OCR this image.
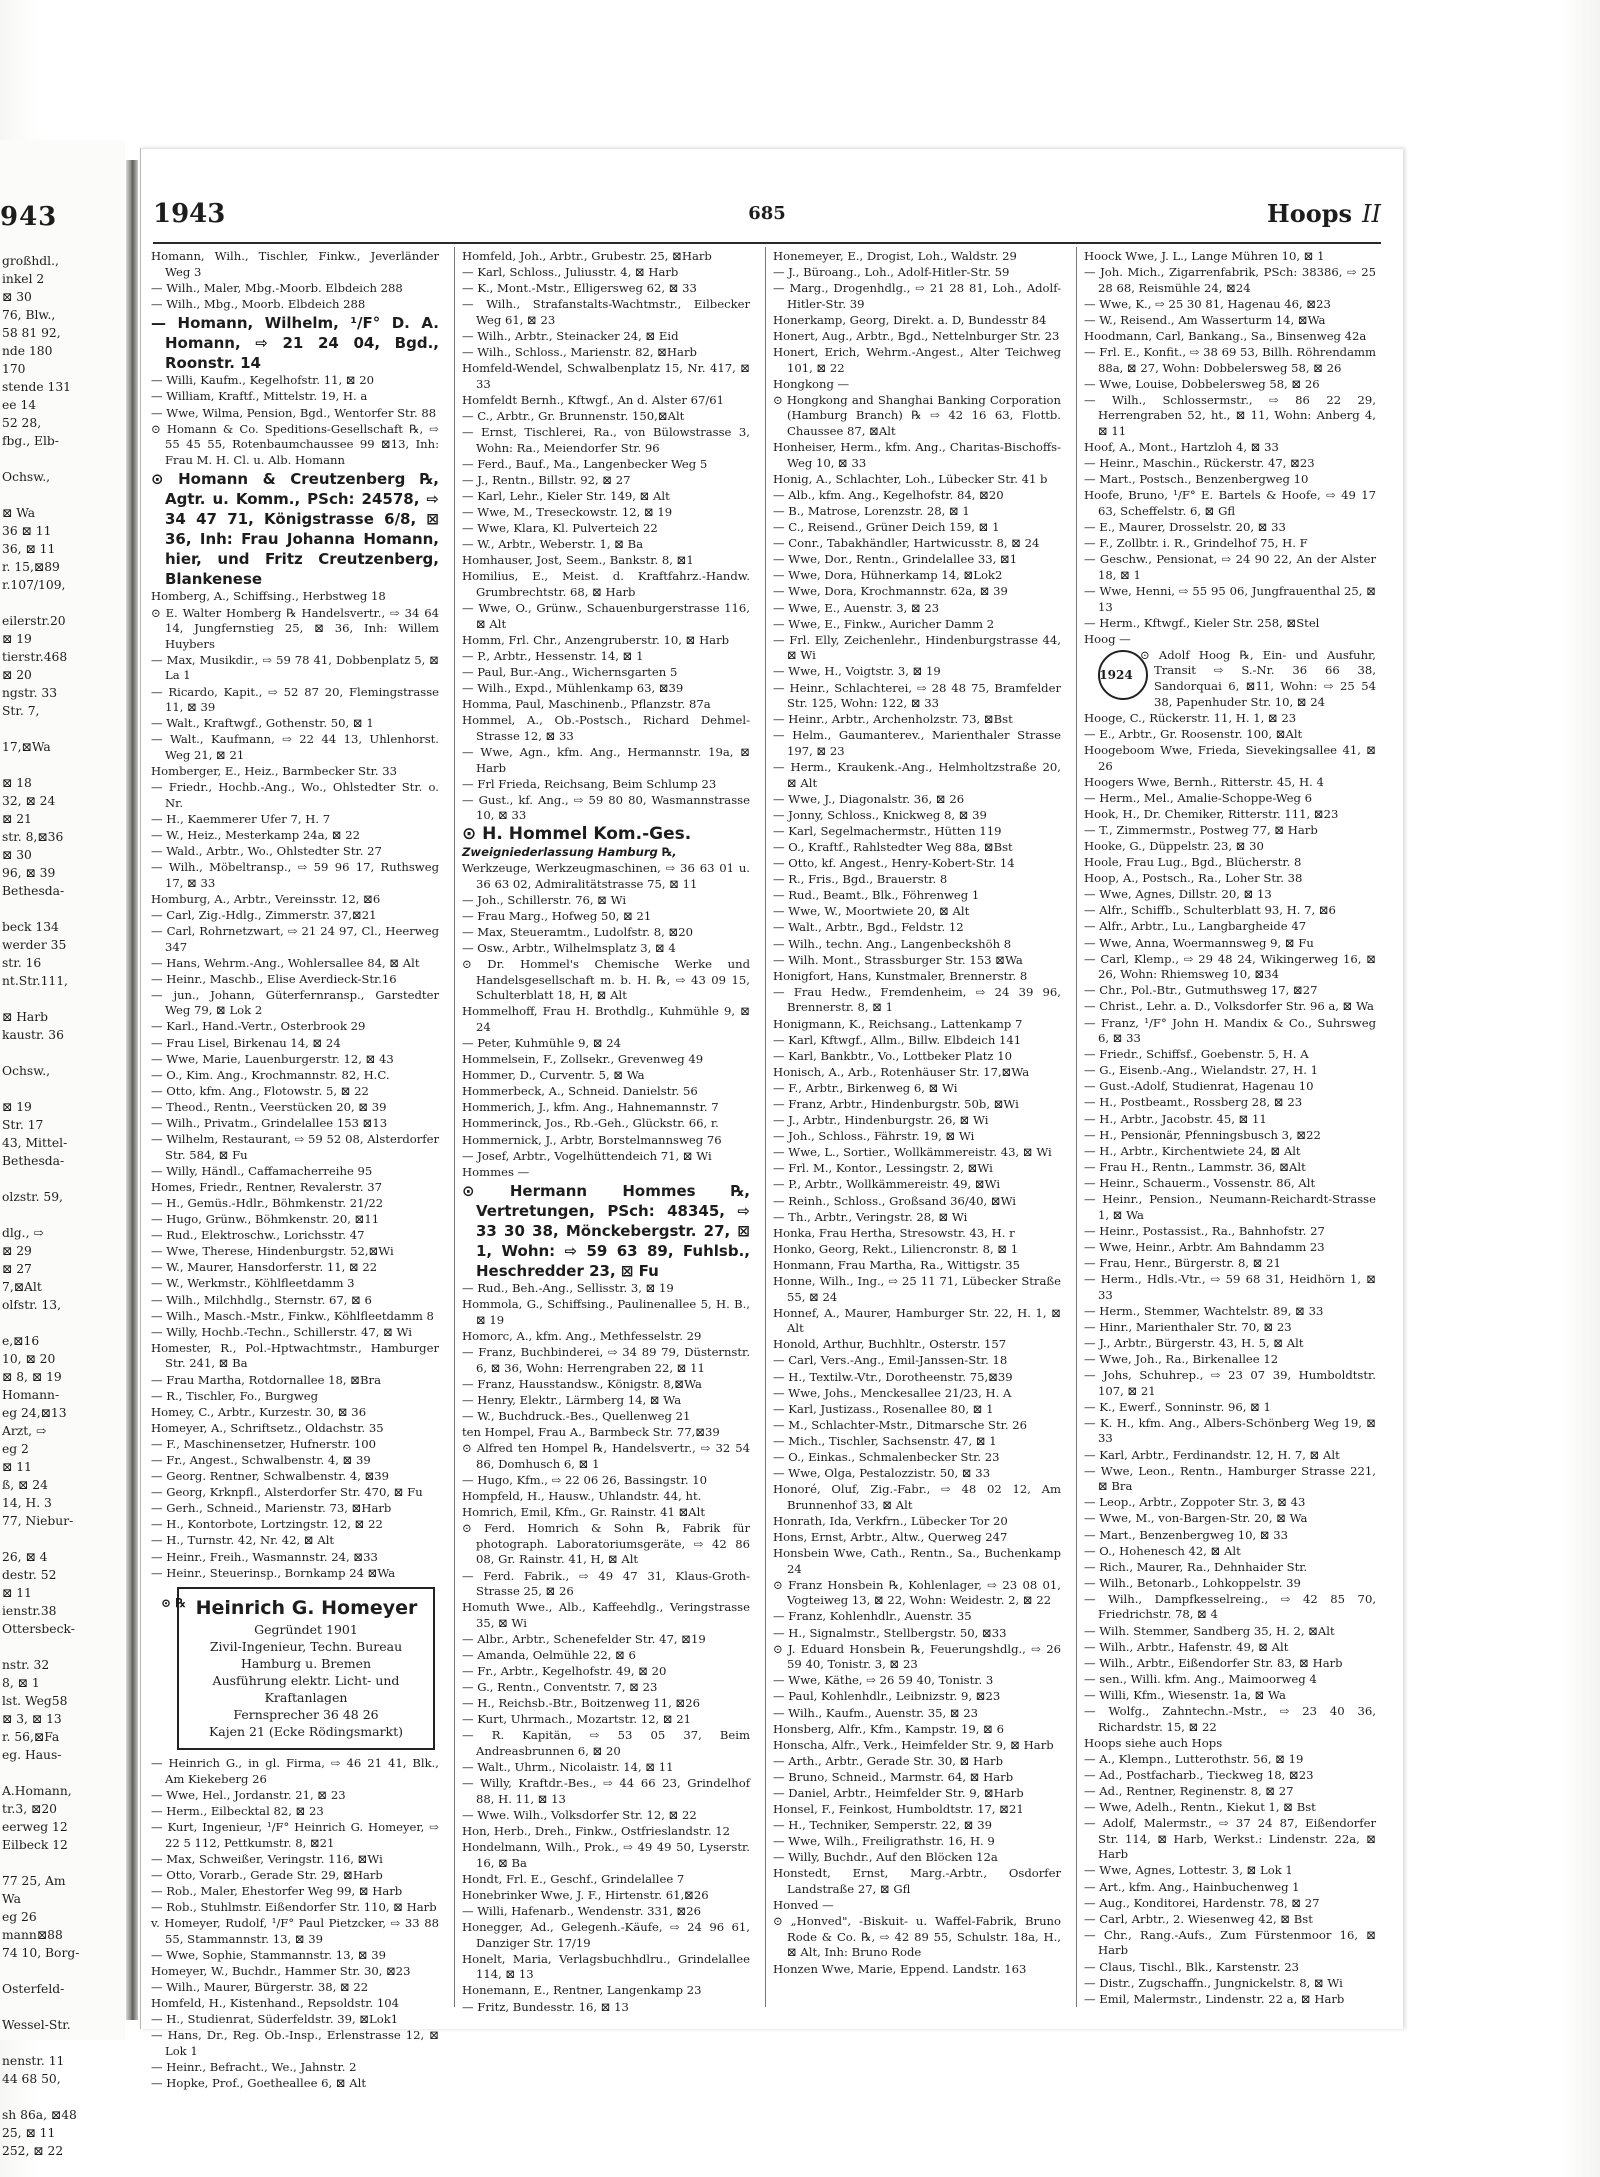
943
großhdl.,
inkel 2
⊠ 30
76, Blw.,
58 81 92,
nde 180
170
stende 131
ee 14
52 28,
fbg., Elb-

Ochsw.,

⊠ Wa
36 ⊠ 11
36, ⊠ 11
r. 15,⊠89
r.107/109,

eilerstr.20
⊠ 19
tierstr.468
⊠ 20
ngstr. 33
Str. 7,

17,⊠Wa

⊠ 18
32, ⊠ 24
⊠ 21
str. 8,⊠36
⊠ 30
96, ⊠ 39
Bethesda-

beck 134
werder 35
str. 16
nt.Str.111,

⊠ Harb
kaustr. 36

Ochsw.,

⊠ 19
Str. 17
43, Mittel-
Bethesda-

olzstr. 59,

dlg., ⇨
⊠ 29
⊠ 27
7,⊠Alt
olfstr. 13,

e,⊠16
10, ⊠ 20
⊠ 8, ⊠ 19
Homann-
eg 24,⊠13
Arzt, ⇨
eg 2
⊠ 11
ß, ⊠ 24
14, H. 3
77, Niebur-

26, ⊠ 4
destr. 52
⊠ 11
ienstr.38
Ottersbeck-

nstr. 32
8, ⊠ 1
lst. Weg58
⊠ 3, ⊠ 13
r. 56,⊠Fa
eg. Haus-

A.Homann,
tr.3, ⊠20
eerweg 12
Eilbeck 12

77 25, Am
Wa
eg 26
mann⊠88
74 10, Borg-

Osterfeld-

Wessel-Str.

nenstr. 11
44 68 50,

sh 86a, ⊠48
25, ⊠ 11
252, ⊠ 22
1943	685	Hoops II
Homann, Wilh., Tischler, Finkw., Jeverländer Weg 3
— Wilh., Maler, Mbg.-Moorb. Elbdeich 288
— Wilh., Mbg., Moorb. Elbdeich 288
— Homann, Wilhelm, ¹/F° D. A. Homann, ⇨ 21 24 04, Bgd., Roonstr. 14
— Willi, Kaufm., Kegelhofstr. 11, ⊠ 20
— William, Kraftf., Mittelstr. 19, H. a
— Wwe, Wilma, Pension, Bgd., Wentorfer Str. 88
⊙ Homann & Co. Speditions-Gesellschaft ℞, ⇨ 55 45 55, Rotenbaumchaussee 99 ⊠13, Inh: Frau M. H. Cl. u. Alb. Homann
⊙ Homann & Creutzenberg ℞, Agtr. u. Komm., PSch: 24578, ⇨ 34 47 71, Königstrasse 6/8, ⊠ 36, Inh: Frau Johanna Homann, hier, und Fritz Creutzenberg, Blankenese
Homberg, A., Schiffsing., Herbstweg 18
⊙ E. Walter Homberg ℞ Handelsvertr., ⇨ 34 64 14, Jungfernstieg 25, ⊠ 36, Inh: Willem Huybers
— Max, Musikdir., ⇨ 59 78 41, Dobbenplatz 5, ⊠ La 1
— Ricardo, Kapit., ⇨ 52 87 20, Flemingstrasse 11, ⊠ 39
— Walt., Kraftwgf., Gothenstr. 50, ⊠ 1
— Walt., Kaufmann, ⇨ 22 44 13, Uhlenhorst. Weg 21, ⊠ 21
Homberger, E., Heiz., Barmbecker Str. 33
— Friedr., Hochb.-Ang., Wo., Ohlstedter Str. o. Nr.
— H., Kaemmerer Ufer 7, H. 7
— W., Heiz., Mesterkamp 24a, ⊠ 22
— Wald., Arbtr., Wo., Ohlstedter Str. 27
— Wilh., Möbeltransp., ⇨ 59 96 17, Ruthsweg 17, ⊠ 33
Homburg, A., Arbtr., Vereinsstr. 12, ⊠6
— Carl, Zig.-Hdlg., Zimmerstr. 37,⊠21
— Carl, Rohrnetzwart, ⇨ 21 24 97, Cl., Heerweg 347
— Hans, Wehrm.-Ang., Wohlersallee 84, ⊠ Alt
— Heinr., Maschb., Elise Averdieck-Str.16
— jun., Johann, Güterfernransp., Garstedter Weg 79, ⊠ Lok 2
— Karl., Hand.-Vertr., Osterbrook 29
— Frau Lisel, Birkenau 14, ⊠ 24
— Wwe, Marie, Lauenburgerstr. 12, ⊠ 43
— O., Kim. Ang., Krochmannstr. 82, H.C.
— Otto, kfm. Ang., Flotowstr. 5, ⊠ 22
— Theod., Rentn., Veerstücken 20, ⊠ 39
— Wilh., Privatm., Grindelallee 153 ⊠13
— Wilhelm, Restaurant, ⇨ 59 52 08, Alsterdorfer Str. 584, ⊠ Fu
— Willy, Händl., Caffamacherreihe 95
Homes, Friedr., Rentner, Revalerstr. 37
— H., Gemüs.-Hdlr., Böhmkenstr. 21/22
— Hugo, Grünw., Böhmkenstr. 20, ⊠11
— Rud., Elektroschw., Lorichsstr. 47
— Wwe, Therese, Hindenburgstr. 52,⊠Wi
— W., Maurer, Hansdorferstr. 11, ⊠ 22
— W., Werkmstr., Köhlfleetdamm 3
— Wilh., Milchhdlg., Sternstr. 67, ⊠ 6
— Wilh., Masch.-Mstr., Finkw., Köhlfleetdamm 8
— Willy, Hochb.-Techn., Schillerstr. 47, ⊠ Wi
Homester, R., Pol.-Hptwachtmstr., Hamburger Str. 241, ⊠ Ba
— Frau Martha, Rotdornallee 18, ⊠Bra
— R., Tischler, Fo., Burgweg
Homey, C., Arbtr., Kurzestr. 30, ⊠ 36
Homeyer, A., Schriftsetz., Oldachstr. 35
— F., Maschinensetzer, Hufnerstr. 100
— Fr., Angest., Schwalbenstr. 4, ⊠ 39
— Georg. Rentner, Schwalbenstr. 4, ⊠39
— Georg, Krknpfl., Alsterdorfer Str. 470, ⊠ Fu
— Gerh., Schneid., Marienstr. 73, ⊠Harb
— H., Kontorbote, Lortzingstr. 12, ⊠ 22
— H., Turnstr. 42, Nr. 42, ⊠ Alt
— Heinr., Freih., Wasmannstr. 24, ⊠33
— Heinr., Steuerinsp., Bornkamp 24 ⊠Wa
⊙ ℞ Heinrich G. Homeyer
Gegründet 1901
Zivil-Ingenieur, Techn. Bureau
Hamburg u. Bremen
Ausführung elektr. Licht- und Kraftanlagen
Fernsprecher 36 48 26
Kajen 21 (Ecke Rödingsmarkt)
— Heinrich G., in gl. Firma, ⇨ 46 21 41, Blk., Am Kiekeberg 26
— Wwe, Hel., Jordanstr. 21, ⊠ 23
— Herm., Eilbecktal 82, ⊠ 23
— Kurt, Ingenieur, ¹/F° Heinrich G. Homeyer, ⇨ 22 5 112, Pettkumstr. 8, ⊠21
— Max, Schweißer, Veringstr. 116, ⊠Wi
— Otto, Vorarb., Gerade Str. 29, ⊠Harb
— Rob., Maler, Ehestorfer Weg 99, ⊠ Harb
— Rob., Stuhlmstr. Eißendorfer Str. 110, ⊠ Harb
v. Homeyer, Rudolf, ¹/F° Paul Pietzcker, ⇨ 33 88 55, Stammannstr. 13, ⊠ 39
— Wwe, Sophie, Stammannstr. 13, ⊠ 39
Homeyer, W., Buchdr., Hammer Str. 30, ⊠23
— Wilh., Maurer, Bürgerstr. 38, ⊠ 22
Homfeld, H., Kistenhand., Repsoldstr. 104
— H., Studienrat, Süderfeldstr. 39, ⊠Lok1
— Hans, Dr., Reg. Ob.-Insp., Erlenstrasse 12, ⊠ Lok 1
— Heinr., Befracht., We., Jahnstr. 2
— Hopke, Prof., Goetheallee 6, ⊠ Alt
Homfeld, Joh., Arbtr., Grubestr. 25, ⊠Harb
— Karl, Schloss., Juliusstr. 4, ⊠ Harb
— K., Mont.-Mstr., Elligersweg 62, ⊠ 33
— Wilh., Strafanstalts-Wachtmstr., Eilbecker Weg 61, ⊠ 23
— Wilh., Arbtr., Steinacker 24, ⊠ Eid
— Wilh., Schloss., Marienstr. 82, ⊠Harb
Homfeld-Wendel, Schwalbenplatz 15, Nr. 417, ⊠ 33
Homfeldt Bernh., Kftwgf., An d. Alster 67/61
— C., Arbtr., Gr. Brunnenstr. 150,⊠Alt
— Ernst, Tischlerei, Ra., von Bülowstrasse 3, Wohn: Ra., Meiendorfer Str. 96
— Ferd., Bauf., Ma., Langenbecker Weg 5
— J., Rentn., Billstr. 92, ⊠ 27
— Karl, Lehr., Kieler Str. 149, ⊠ Alt
— Wwe, M., Treseckowstr. 12, ⊠ 19
— Wwe, Klara, Kl. Pulverteich 22
— W., Arbtr., Weberstr. 1, ⊠ Ba
Homhauser, Jost, Seem., Bankstr. 8, ⊠1
Homilius, E., Meist. d. Kraftfahrz.-Handw. Grumbrechtstr. 68, ⊠ Harb
— Wwe, O., Grünw., Schauenburgerstrasse 116, ⊠ Alt
Homm, Frl. Chr., Anzengruberstr. 10, ⊠ Harb
— P., Arbtr., Hessenstr. 14, ⊠ 1
— Paul, Bur.-Ang., Wichernsgarten 5
— Wilh., Expd., Mühlenkamp 63, ⊠39
Homma, Paul, Maschinenb., Pflanzstr. 87a
Hommel, A., Ob.-Postsch., Richard Dehmel-Strasse 12, ⊠ 33
— Wwe, Agn., kfm. Ang., Hermannstr. 19a, ⊠ Harb
— Frl Frieda, Reichsang, Beim Schlump 23
— Gust., kf. Ang., ⇨ 59 80 80, Wasmannstrasse 10, ⊠ 33
⊙ H. Hommel Kom.-Ges.
Zweigniederlassung Hamburg ℞,
Werkzeuge, Werkzeugmaschinen, ⇨ 36 63 01 u. 36 63 02, Admiralitätstrasse 75, ⊠ 11
— Joh., Schillerstr. 76, ⊠ Wi
— Frau Marg., Hofweg 50, ⊠ 21
— Max, Steueramtm., Ludolfstr. 8, ⊠20
— Osw., Arbtr., Wilhelmsplatz 3, ⊠ 4
⊙ Dr. Hommel's Chemische Werke und Handelsgesellschaft m. b. H. ℞, ⇨ 43 09 15, Schulterblatt 18, H, ⊠ Alt
Hommelhoff, Frau H. Brothdlg., Kuhmühle 9, ⊠ 24
— Peter, Kuhmühle 9, ⊠ 24
Hommelsein, F., Zollsekr., Grevenweg 49
Hommer, D., Curventr. 5, ⊠ Wa
Hommerbeck, A., Schneid. Danielstr. 56
Hommerich, J., kfm. Ang., Hahnemannstr. 7
Hommerinck, Jos., Rb.-Geh., Glückstr. 66, r.
Hommernick, J., Arbtr, Borstelmannsweg 76
— Josef, Arbtr., Vogelhüttendeich 71, ⊠ Wi
Hommes —
⊙ Hermann Hommes ℞, Vertretungen, PSch: 48345, ⇨ 33 30 38, Mönckebergstr. 27, ⊠ 1, Wohn: ⇨ 59 63 89, Fuhlsb., Heschredder 23, ⊠ Fu
— Rud., Beh.-Ang., Sellisstr. 3, ⊠ 19
Hommola, G., Schiffsing., Paulinenallee 5, H. B., ⊠ 19
Homorc, A., kfm. Ang., Methfesselstr. 29
— Franz, Buchbinderei, ⇨ 34 89 79, Düsternstr. 6, ⊠ 36, Wohn: Herrengraben 22, ⊠ 11
— Franz, Hausstandsw., Königstr. 8,⊠Wa
— Henry, Elektr., Lärmberg 14, ⊠ Wa
— W., Buchdruck.-Bes., Quellenweg 21
ten Hompel, Frau A., Barmbeck Str. 77,⊠39
⊙ Alfred ten Hompel ℞, Handelsvertr., ⇨ 32 54 86, Domhusch 6, ⊠ 1
— Hugo, Kfm., ⇨ 22 06 26, Bassingstr. 10
Hompfeld, H., Hausw., Uhlandstr. 44, ht.
Homrich, Emil, Kfm., Gr. Rainstr. 41 ⊠Alt
⊙ Ferd. Homrich & Sohn ℞, Fabrik für photograph. Laboratoriumsgeräte, ⇨ 42 86 08, Gr. Rainstr. 41, H, ⊠ Alt
— Ferd. Fabrik., ⇨ 49 47 31, Klaus-Groth-Strasse 25, ⊠ 26
Homuth Wwe., Alb., Kaffeehdlg., Veringstrasse 35, ⊠ Wi
— Albr., Arbtr., Schenefelder Str. 47, ⊠19
— Amanda, Oelmühle 22, ⊠ 6
— Fr., Arbtr., Kegelhofstr. 49, ⊠ 20
— G., Rentn., Conventstr. 7, ⊠ 23
— H., Reichsb.-Btr., Boitzenweg 11, ⊠26
— Kurt, Uhrmach., Mozartstr. 12, ⊠ 21
— R. Kapitän, ⇨ 53 05 37, Beim Andreasbrunnen 6, ⊠ 20
— Walt., Uhrm., Nicolaistr. 14, ⊠ 11
— Willy, Kraftdr.-Bes., ⇨ 44 66 23, Grindelhof 88, H. 11, ⊠ 13
— Wwe. Wilh., Volksdorfer Str. 12, ⊠ 22
Hon, Herb., Dreh., Finkw., Ostfrieslandstr. 12
Hondelmann, Wilh., Prok., ⇨ 49 49 50, Lyserstr. 16, ⊠ Ba
Hondt, Frl. E., Geschf., Grindelallee 7
Honebrinker Wwe, J. F., Hirtenstr. 61,⊠26
— Willi, Hafenarb., Wendenstr. 331, ⊠26
Honegger, Ad., Gelegenh.-Käufe, ⇨ 24 96 61, Danziger Str. 17/19
Honelt, Maria, Verlagsbuchhdlru., Grindelallee 114, ⊠ 13
Honemann, E., Rentner, Langenkamp 23
— Fritz, Bundesstr. 16, ⊠ 13
Honemeyer, E., Drogist, Loh., Waldstr. 29
— J., Büroang., Loh., Adolf-Hitler-Str. 59
— Marg., Drogenhdlg., ⇨ 21 28 81, Loh., Adolf-Hitler-Str. 39
Honerkamp, Georg, Direkt. a. D, Bundesstr 84
Honert, Aug., Arbtr., Bgd., Nettelnburger Str. 23
Honert, Erich, Wehrm.-Angest., Alter Teichweg 101, ⊠ 22
Hongkong —
⊙ Hongkong and Shanghai Banking Corporation (Hamburg Branch) ℞ ⇨ 42 16 63, Flottb. Chaussee 87, ⊠Alt
Honheiser, Herm., kfm. Ang., Charitas-Bischoffs-Weg 10, ⊠ 33
Honig, A., Schlachter, Loh., Lübecker Str. 41 b
— Alb., kfm. Ang., Kegelhofstr. 84, ⊠20
— B., Matrose, Lorenzstr. 28, ⊠ 1
— C., Reisend., Grüner Deich 159, ⊠ 1
— Conr., Tabakhändler, Hartwicusstr. 8, ⊠ 24
— Wwe, Dor., Rentn., Grindelallee 33, ⊠1
— Wwe, Dora, Hühnerkamp 14, ⊠Lok2
— Wwe, Dora, Krochmannstr. 62a, ⊠ 39
— Wwe, E., Auenstr. 3, ⊠ 23
— Wwe, E., Finkw., Auricher Damm 2
— Frl. Elly, Zeichenlehr., Hindenburgstrasse 44, ⊠ Wi
— Wwe, H., Voigtstr. 3, ⊠ 19
— Heinr., Schlachterei, ⇨ 28 48 75, Bramfelder Str. 125, Wohn: 122, ⊠ 33
— Heinr., Arbtr., Archenholzstr. 73, ⊠Bst
— Helm., Gaumanterev., Marienthaler Strasse 197, ⊠ 23
— Herm., Kraukenk.-Ang., Helmholtzstraße 20, ⊠ Alt
— Wwe, J., Diagonalstr. 36, ⊠ 26
— Jonny, Schloss., Knickweg 8, ⊠ 39
— Karl, Segelmachermstr., Hütten 119
— O., Kraftf., Rahlstedter Weg 88a, ⊠Bst
— Otto, kf. Angest., Henry-Kobert-Str. 14
— R., Fris., Bgd., Brauerstr. 8
— Rud., Beamt., Blk., Föhrenweg 1
— Wwe, W., Moortwiete 20, ⊠ Alt
— Walt., Arbtr., Bgd., Feldstr. 12
— Wilh., techn. Ang., Langenbeckshöh 8
— Wilh. Mont., Strassburger Str. 153 ⊠Wa
Honigfort, Hans, Kunstmaler, Brennerstr. 8
— Frau Hedw., Fremdenheim, ⇨ 24 39 96, Brennerstr. 8, ⊠ 1
Honigmann, K., Reichsang., Lattenkamp 7
— Karl, Kftwgf., Allm., Billw. Elbdeich 141
— Karl, Bankbtr., Vo., Lottbeker Platz 10
Honisch, A., Arb., Rotenhäuser Str. 17,⊠Wa
— F., Arbtr., Birkenweg 6, ⊠ Wi
— Franz, Arbtr., Hindenburgstr. 50b, ⊠Wi
— J., Arbtr., Hindenburgstr. 26, ⊠ Wi
— Joh., Schloss., Fährstr. 19, ⊠ Wi
— Wwe, L., Sortier., Wollkämmereistr. 43, ⊠ Wi
— Frl. M., Kontor., Lessingstr. 2, ⊠Wi
— P., Arbtr., Wollkämmereistr. 49, ⊠Wi
— Reinh., Schloss., Großsand 36/40, ⊠Wi
— Th., Arbtr., Veringstr. 28, ⊠ Wi
Honka, Frau Hertha, Stresowstr. 43, H. r
Honko, Georg, Rekt., Liliencronstr. 8, ⊠ 1
Honmann, Frau Martha, Ra., Wittigstr. 35
Honne, Wilh., Ing., ⇨ 25 11 71, Lübecker Straße 55, ⊠ 24
Honnef, A., Maurer, Hamburger Str. 22, H. 1, ⊠ Alt
Honold, Arthur, Buchhltr., Osterstr. 157
— Carl, Vers.-Ang., Emil-Janssen-Str. 18
— H., Textilw.-Vtr., Dorotheenstr. 75,⊠39
— Wwe, Johs., Menckesallee 21/23, H. A
— Karl, Justizass., Rosenallee 80, ⊠ 1
— M., Schlachter-Mstr., Ditmarsche Str. 26
— Mich., Tischler, Sachsenstr. 47, ⊠ 1
— O., Einkas., Schmalenbecker Str. 23
— Wwe, Olga, Pestalozzistr. 50, ⊠ 33
Honoré, Oluf, Zig.-Fabr., ⇨ 48 02 12, Am Brunnenhof 33, ⊠ Alt
Honrath, Ida, Verkfrn., Lübecker Tor 20
Hons, Ernst, Arbtr., Altw., Querweg 247
Honsbein Wwe, Cath., Rentn., Sa., Buchenkamp 24
⊙ Franz Honsbein ℞, Kohlenlager, ⇨ 23 08 01, Vogteiweg 13, ⊠ 22, Wohn: Weidestr. 2, ⊠ 22
— Franz, Kohlenhdlr., Auenstr. 35
— H., Signalmstr., Stellbergstr. 50, ⊠33
⊙ J. Eduard Honsbein ℞, Feuerungshdlg., ⇨ 26 59 40, Tonistr. 3, ⊠ 23
— Wwe, Käthe, ⇨ 26 59 40, Tonistr. 3
— Paul, Kohlenhdlr., Leibnizstr. 9, ⊠23
— Wilh., Kaufm., Auenstr. 35, ⊠ 23
Honsberg, Alfr., Kfm., Kampstr. 19, ⊠ 6
Honscha, Alfr., Verk., Heimfelder Str. 9, ⊠ Harb
— Arth., Arbtr., Gerade Str. 30, ⊠ Harb
— Bruno, Schneid., Marmstr. 64, ⊠ Harb
— Daniel, Arbtr., Heimfelder Str. 9, ⊠Harb
Honsel, F., Feinkost, Humboldtstr. 17, ⊠21
— H., Techniker, Semperstr. 22, ⊠ 39
— Wwe, Wilh., Freiligrathstr. 16, H. 9
— Willy, Buchdr., Auf den Blöcken 12a
Honstedt, Ernst, Marg.-Arbtr., Osdorfer Landstraße 27, ⊠ Gfl
Honved —
⊙ „Honved", -Biskuit- u. Waffel-Fabrik, Bruno Rode & Co. ℞, ⇨ 42 89 55, Schulstr. 18a, H., ⊠ Alt, Inh: Bruno Rode
Honzen Wwe, Marie, Eppend. Landstr. 163
Hoock Wwe, J. L., Lange Mühren 10, ⊠ 1
— Joh. Mich., Zigarrenfabrik, PSch: 38386, ⇨ 25 28 68, Reismühle 24, ⊠24
— Wwe, K., ⇨ 25 30 81, Hagenau 46, ⊠23
— W., Reisend., Am Wasserturm 14, ⊠Wa
Hoodmann, Carl, Bankang., Sa., Binsenweg 42a
— Frl. E., Konfit., ⇨ 38 69 53, Billh. Röhrendamm 88a, ⊠ 27, Wohn: Dobbelersweg 58, ⊠ 26
— Wwe, Louise, Dobbelersweg 58, ⊠ 26
— Wilh., Schlossermstr., ⇨ 86 22 29, Herrengraben 52, ht., ⊠ 11, Wohn: Anberg 4, ⊠ 11
Hoof, A., Mont., Hartzloh 4, ⊠ 33
— Heinr., Maschin., Rückerstr. 47, ⊠23
— Mart., Postsch., Benzenbergweg 10
Hoofe, Bruno, ¹/F° E. Bartels & Hoofe, ⇨ 49 17 63, Scheffelstr. 6, ⊠ Gfl
— E., Maurer, Drosselstr. 20, ⊠ 33
— F., Zollbtr. i. R., Grindelhof 75, H. F
— Geschw., Pensionat, ⇨ 24 90 22, An der Alster 18, ⊠ 1
— Wwe, Henni, ⇨ 55 95 06, Jungfrauenthal 25, ⊠ 13
— Herm., Kftwgf., Kieler Str. 258, ⊠Stel
Hoog —
1924
⊙ Adolf Hoog ℞, Ein- und Ausfuhr, Transit ⇨ S.-Nr. 36 66 38, Sandorquai 6, ⊠11, Wohn: ⇨ 25 54 38, Papenhuder Str. 10, ⊠ 24
Hooge, C., Rückerstr. 11, H. 1, ⊠ 23
— E., Arbtr., Gr. Roosenstr. 100, ⊠Alt
Hoogeboom Wwe, Frieda, Sievekingsallee 41, ⊠ 26
Hoogers Wwe, Bernh., Ritterstr. 45, H. 4
— Herm., Mel., Amalie-Schoppe-Weg 6
Hook, H., Dr. Chemiker, Ritterstr. 111, ⊠23
— T., Zimmermstr., Postweg 77, ⊠ Harb
Hooke, G., Düppelstr. 23, ⊠ 30
Hoole, Frau Lug., Bgd., Blücherstr. 8
Hoop, A., Postsch., Ra., Loher Str. 38
— Wwe, Agnes, Dillstr. 20, ⊠ 13
— Alfr., Schiffb., Schulterblatt 93, H. 7, ⊠6
— Alfr., Arbtr., Lu., Langbargheide 47
— Wwe, Anna, Woermannsweg 9, ⊠ Fu
— Carl, Klemp., ⇨ 29 48 24, Wikingerweg 16, ⊠ 26, Wohn: Rhiemsweg 10, ⊠34
— Chr., Pol.-Btr., Gutmuthsweg 17, ⊠27
— Christ., Lehr. a. D., Volksdorfer Str. 96 a, ⊠ Wa
— Franz, ¹/F° John H. Mandix & Co., Suhrsweg 6, ⊠ 33
— Friedr., Schiffsf., Goebenstr. 5, H. A
— G., Eisenb.-Ang., Wielandstr. 27, H. 1
— Gust.-Adolf, Studienrat, Hagenau 10
— H., Postbeamt., Rossberg 28, ⊠ 23
— H., Arbtr., Jacobstr. 45, ⊠ 11
— H., Pensionär, Pfenningsbusch 3, ⊠22
— H., Arbtr., Kirchentwiete 24, ⊠ Alt
— Frau H., Rentn., Lammstr. 36, ⊠Alt
— Heinr., Schauerm., Vossenstr. 86, Alt
— Heinr., Pension., Neumann-Reichardt-Strasse 1, ⊠ Wa
— Heinr., Postassist., Ra., Bahnhofstr. 27
— Wwe, Heinr., Arbtr. Am Bahndamm 23
— Frau, Henr., Bürgerstr. 8, ⊠ 21
— Herm., Hdls.-Vtr., ⇨ 59 68 31, Heidhörn 1, ⊠ 33
— Herm., Stemmer, Wachtelstr. 89, ⊠ 33
— Hinr., Marienthaler Str. 70, ⊠ 23
— J., Arbtr., Bürgerstr. 43, H. 5, ⊠ Alt
— Wwe, Joh., Ra., Birkenallee 12
— Johs, Schuhrep., ⇨ 23 07 39, Humboldtstr. 107, ⊠ 21
— K., Ewerf., Sonninstr. 96, ⊠ 1
— K. H., kfm. Ang., Albers-Schönberg Weg 19, ⊠ 33
— Karl, Arbtr., Ferdinandstr. 12, H. 7, ⊠ Alt
— Wwe, Leon., Rentn., Hamburger Strasse 221, ⊠ Bra
— Leop., Arbtr., Zoppoter Str. 3, ⊠ 43
— Wwe, M., von-Bargen-Str. 20, ⊠ Wa
— Mart., Benzenbergweg 10, ⊠ 33
— O., Hohenesch 42, ⊠ Alt
— Rich., Maurer, Ra., Dehnhaider Str.
— Wilh., Betonarb., Lohkoppelstr. 39
— Wilh., Dampfkesselreing., ⇨ 42 85 70, Friedrichstr. 78, ⊠ 4
— Wilh. Stemmer, Sandberg 35, H. 2, ⊠Alt
— Wilh., Arbtr., Hafenstr. 49, ⊠ Alt
— Wilh., Arbtr., Eißendorfer Str. 83, ⊠ Harb
— sen., Willi. kfm. Ang., Maimoorweg 4
— Willi, Kfm., Wiesenstr. 1a, ⊠ Wa
— Wolfg., Zahntechn.-Mstr., ⇨ 23 40 36, Richardstr. 15, ⊠ 22
Hoops siehe auch Hops
— A., Klempn., Lutterothstr. 56, ⊠ 19
— Ad., Postfacharb., Tieckweg 18, ⊠23
— Ad., Rentner, Reginenstr. 8, ⊠ 27
— Wwe, Adelh., Rentn., Kiekut 1, ⊠ Bst
— Adolf, Malermstr., ⇨ 37 24 87, Eißendorfer Str. 114, ⊠ Harb, Werkst.: Lindenstr. 22a, ⊠ Harb
— Wwe, Agnes, Lottestr. 3, ⊠ Lok 1
— Art., kfm. Ang., Hainbuchenweg 1
— Aug., Konditorei, Hardenstr. 78, ⊠ 27
— Carl, Arbtr., 2. Wiesenweg 42, ⊠ Bst
— Chr., Rang.-Aufs., Zum Fürstenmoor 16, ⊠ Harb
— Claus, Tischl., Blk., Karstenstr. 23
— Distr., Zugschaffn., Jungnickelstr. 8, ⊠ Wi
— Emil, Malermstr., Lindenstr. 22 a, ⊠ Harb
